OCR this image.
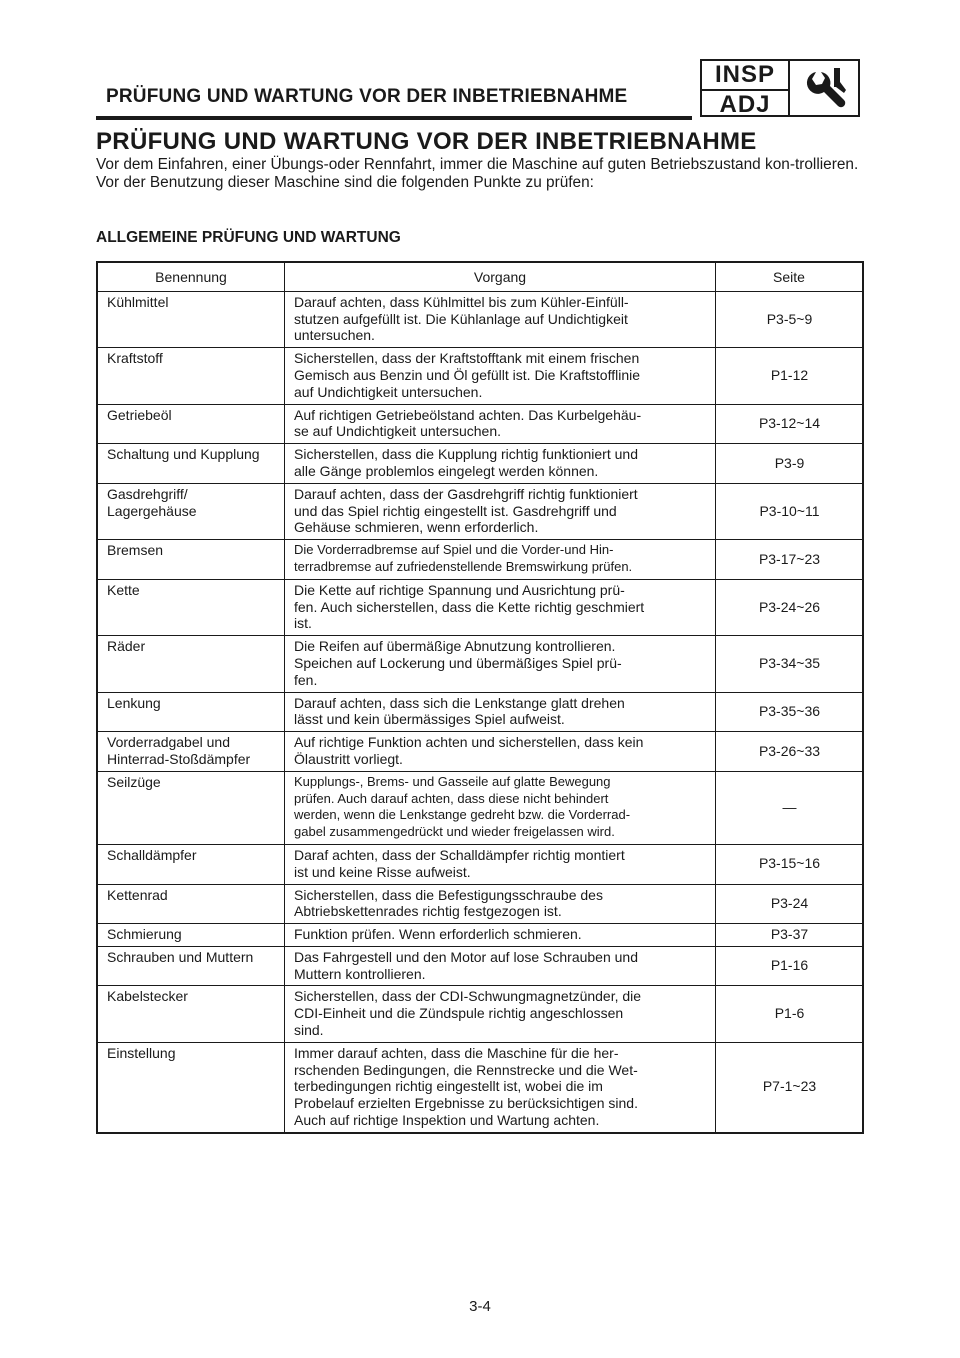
PRÜFUNG UND WARTUNG VOR DER INBETRIEBNAHME
INSP
ADJ
PRÜFUNG UND WARTUNG VOR DER INBETRIEBNAHME

Vor dem Einfahren, einer Übungs-oder Rennfahrt, immer die Maschine auf guten Betriebszustand kon-trollieren.

Vor der Benutzung dieser Maschine sind die folgenden Punkte zu prüfen:

ALLGEMEINE PRÜFUNG UND WARTUNG
Benennung	Vorgang	Seite
Kühlmittel	Darauf achten, dass Kühlmittel bis zum Kühler-Einfüll-
stutzen aufgefüllt ist. Die Kühlanlage auf Undichtigkeit
untersuchen.	P3-5~9
Kraftstoff	Sicherstellen, dass der Kraftstofftank mit einem frischen
Gemisch aus Benzin und Öl gefüllt ist. Die Kraftstofflinie
auf Undichtigkeit untersuchen.	P1-12
Getriebeöl	Auf richtigen Getriebeölstand achten. Das Kurbelgehäu-
se auf Undichtigkeit untersuchen.	P3-12~14
Schaltung und Kupplung	Sicherstellen, dass die Kupplung richtig funktioniert und
alle Gänge problemlos eingelegt werden können.	P3-9
Gasdrehgriff/
Lagergehäuse	Darauf achten, dass der Gasdrehgriff richtig funktioniert
und das Spiel richtig eingestellt ist. Gasdrehgriff und
Gehäuse schmieren, wenn erforderlich.	P3-10~11
Bremsen	Die Vorderradbremse auf Spiel und die Vorder-und Hin-
terradbremse auf zufriedenstellende Bremswirkung prüfen.	P3-17~23
Kette	Die Kette auf richtige Spannung und Ausrichtung prü-
fen. Auch sicherstellen, dass die Kette richtig geschmiert
ist.	P3-24~26
Räder	Die Reifen auf übermäßige Abnutzung kontrollieren.
Speichen auf Lockerung und übermäßiges Spiel prü-
fen.	P3-34~35
Lenkung	Darauf achten, dass sich die Lenkstange glatt drehen
lässt und kein übermässiges Spiel aufweist.	P3-35~36
Vorderradgabel und
Hinterrad-Stoßdämpfer	Auf richtige Funktion achten und sicherstellen, dass kein
Ölaustritt vorliegt.	P3-26~33
Seilzüge	Kupplungs-, Brems- und Gasseile auf glatte Bewegung
prüfen. Auch darauf achten, dass diese nicht behindert
werden, wenn die Lenkstange gedreht bzw. die Vorderrad-
gabel zusammengedrückt und wieder freigelassen wird.	—
Schalldämpfer	Daraf achten, dass der Schalldämpfer richtig montiert
ist und keine Risse aufweist.	P3-15~16
Kettenrad	Sicherstellen, dass die Befestigungsschraube des
Abtriebskettenrades richtig festgezogen ist.	P3-24
Schmierung	Funktion prüfen. Wenn erforderlich schmieren.	P3-37
Schrauben und Muttern	Das Fahrgestell und den Motor auf lose Schrauben und
Muttern kontrollieren.	P1-16
Kabelstecker	Sicherstellen, dass der CDI-Schwungmagnetzünder, die
CDI-Einheit und die Zündspule richtig angeschlossen
sind.	P1-6
Einstellung	Immer darauf achten, dass die Maschine für die her-
rschenden Bedingungen, die Rennstrecke und die Wet-
terbedingungen richtig eingestellt ist, wobei die im
Probelauf erzielten Ergebnisse zu berücksichtigen sind.
Auch auf richtige Inspektion und Wartung achten.	P7-1~23
3-4
